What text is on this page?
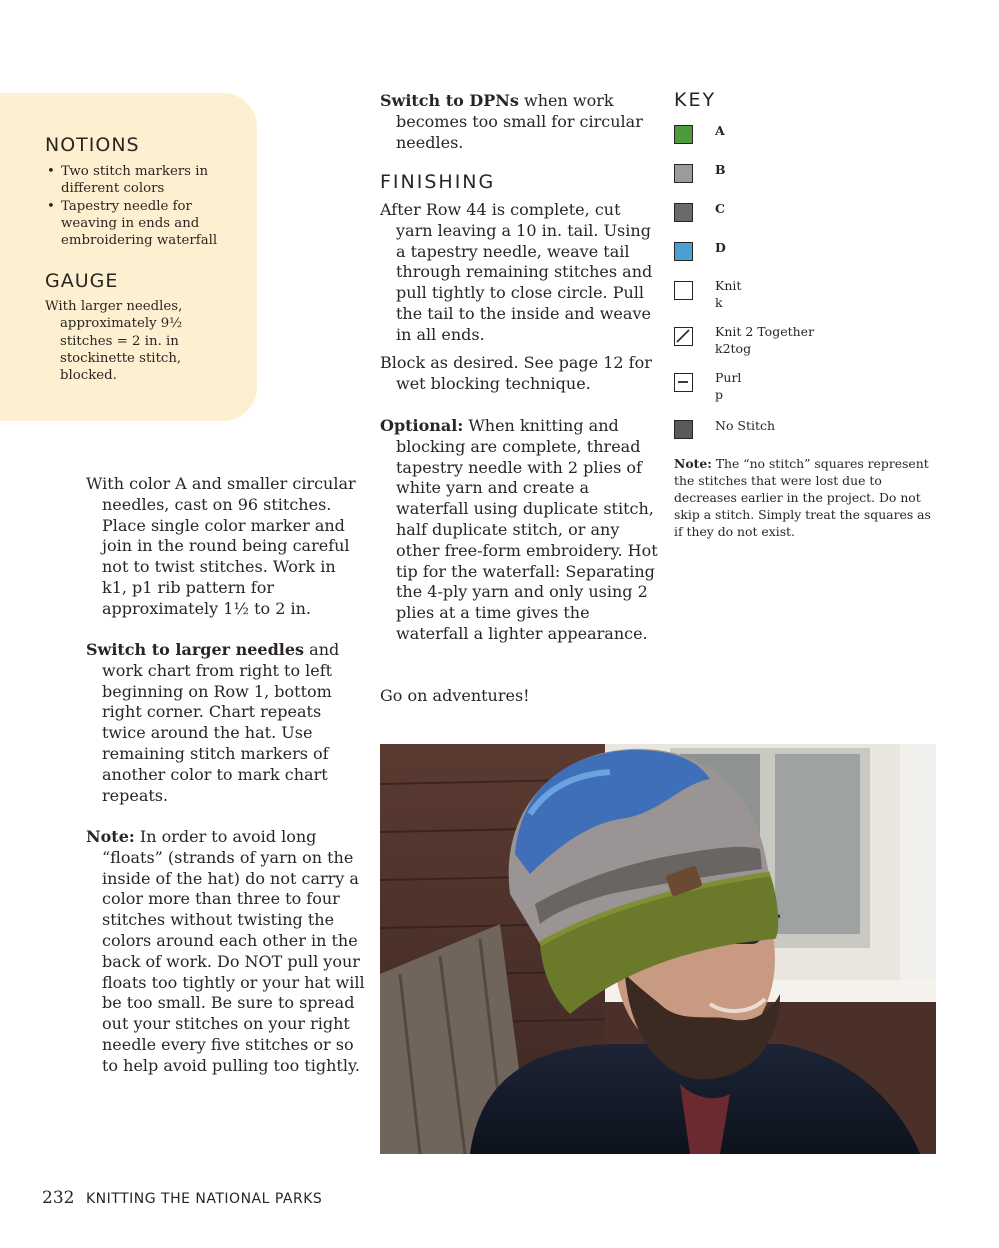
NOTIONS
• Two stitch markers in different colors
• Tapestry needle for weaving in ends and embroidering waterfall
GAUGE

With larger needles, approximately 9½ stitches = 2 in. in stockinette stitch, blocked.

With color A and smaller circular needles, cast on 96 stitches. Place single color marker and join in the round being careful not to twist stitches. Work in k1, p1 rib pattern for approximately 1½ to 2 in.

Switch to larger needles and work chart from right to left beginning on Row 1, bottom right corner. Chart repeats twice around the hat. Use remaining stitch markers of another color to mark chart repeats.

Note: In order to avoid long “floats” (strands of yarn on the inside of the hat) do not carry a color more than three to four stitches without twisting the colors around each other in the back of work. Do NOT pull your floats too tightly or your hat will be too small. Be sure to spread out your stitches on your right needle every five stitches or so to help avoid pulling too tightly.

Switch to DPNs when work becomes too small for circular needles.

FINISHING

After Row 44 is complete, cut yarn leaving a 10 in. tail. Using a tapestry needle, weave tail through remaining stitches and pull tightly to close circle. Pull the tail to the inside and weave in all ends.

Block as desired. See page 12 for wet blocking technique.

Optional: When knitting and blocking are complete, thread tapestry needle with 2 plies of white yarn and create a waterfall using duplicate stitch, half duplicate stitch, or any other free-form embroidery. Hot tip for the waterfall: Separating the 4-ply yarn and only using 2 plies at a time gives the waterfall a lighter appearance.

Go on adventures!

KEY

A

B

C

D

Knit
k

Knit 2 Together
k2tog

Purl
p

No Stitch

Note: The “no stitch” squares represent the stitches that were lost due to decreases earlier in the project. Do not skip a stitch. Simply treat the squares as if they do not exist.

232 KNITTING THE NATIONAL PARKS
